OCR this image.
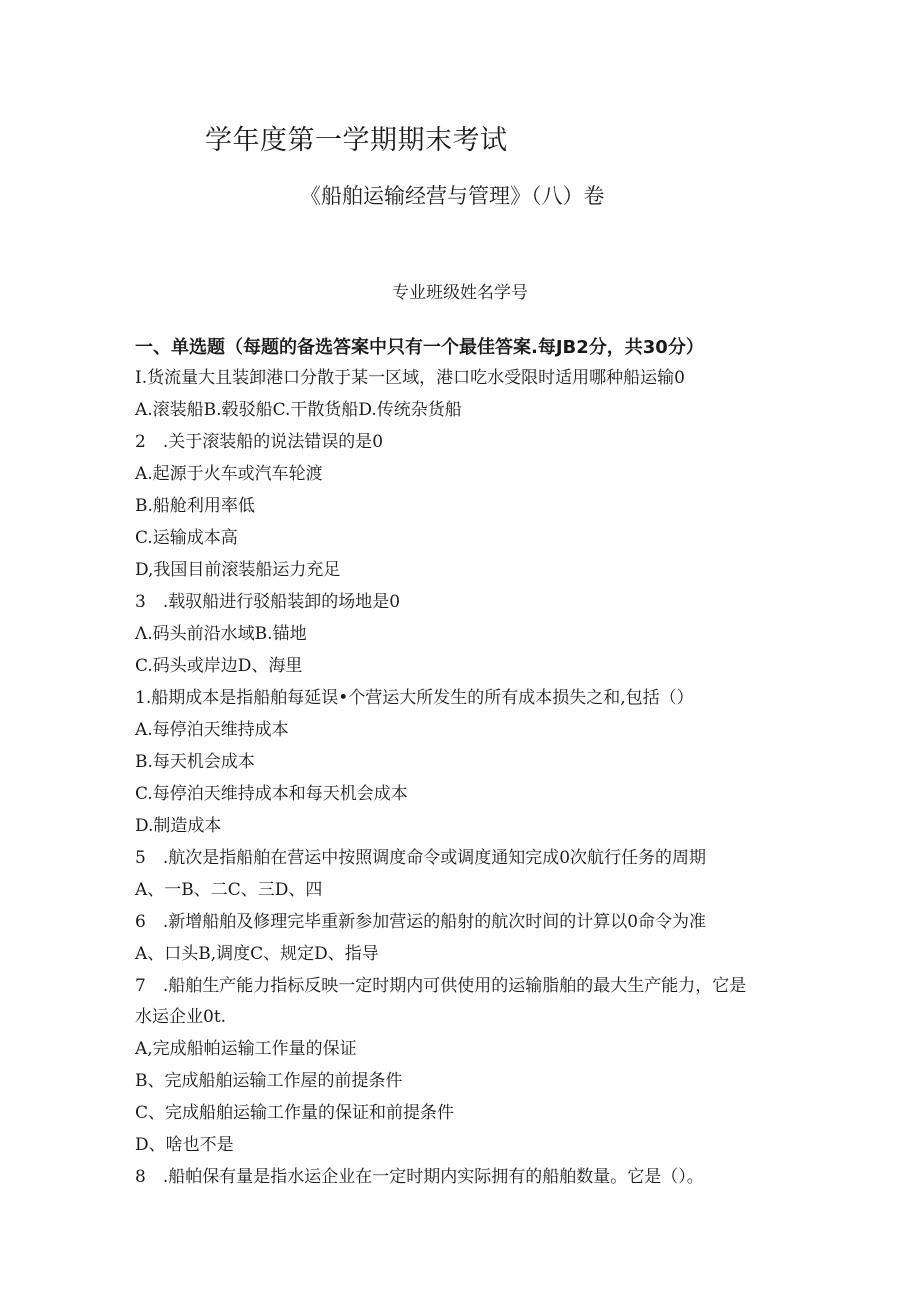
学年度第一学期期末考试
《船舶运输经营与管理》（八）卷
专业班级姓名学号
一、单选题（每题的备选答案中只有一个最佳答案.每JB2分，共30分）
I.货流量大且装卸港口分散于某一区域，港口吃水受限时适用哪种船运输0
A.滚装船B.毂驳船C.干散货船D.传统杂货船
2　.关于滚装船的说法错误的是0
A.起源于火车或汽车轮渡
B.船舱利用率低
C.运输成本高
D,我国目前滚装船运力充足
3　.载驭船进行驳船装卸的场地是0
Λ.码头前沿水域B.锚地
C.码头或岸边D、海里
1.船期成本是指船舶每延误•个营运大所发生的所有成本损失之和,包括（）
A.每停泊天维持成本
B.每天机会成本
C.每停泊天维持成本和每天机会成本
D.制造成本
5　.航次是指船舶在营运中按照调度命令或调度通知完成0次航行任务的周期
A、一B、二C、三D、四
6　.新增船舶及修理完毕重新参加营运的船射的航次时间的计算以0命令为准
A、口头B,调度C、规定D、指导
7　.船舶生产能力指标反映一定时期内可供使用的运输脂舶的最大生产能力，它是
水运企业0t.
A,完成船帕运输工作量的保证
B、完成船舶运输工作屋的前提条件
C、完成船舶运输工作量的保证和前提条件
D、啥也不是
8　.船帕保有量是指水运企业在一定时期内实际拥有的船舶数量。它是（）。
